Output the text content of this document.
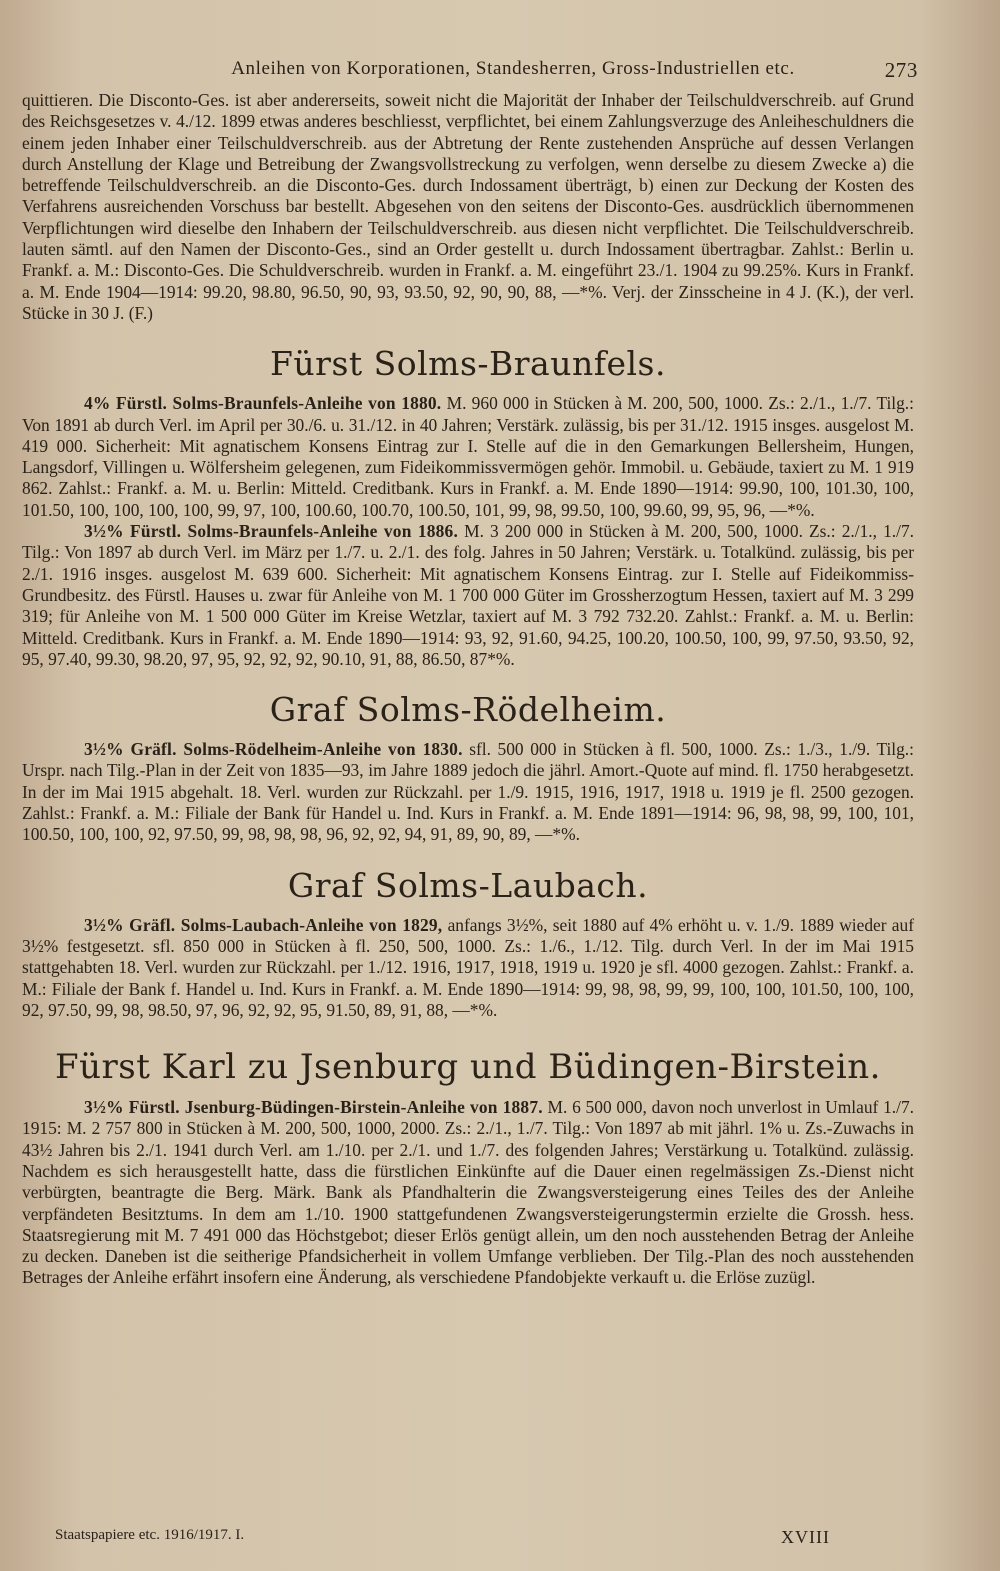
Anleihen von Korporationen, Standesherren, Gross-Industriellen etc.	273

quittieren. Die Disconto-Ges. ist aber andererseits, soweit nicht die Majorität der Inhaber der Teilschuldverschreib. auf Grund des Reichsgesetzes v. 4./12. 1899 etwas anderes beschliesst, verpflichtet, bei einem Zahlungsverzuge des Anleiheschuldners die einem jeden Inhaber einer Teilschuldverschreib. aus der Abtretung der Rente zustehenden Ansprüche auf dessen Verlangen durch Anstellung der Klage und Betreibung der Zwangsvollstreckung zu verfolgen, wenn derselbe zu diesem Zwecke a) die betreffende Teilschuldverschreib. an die Disconto-Ges. durch Indossament überträgt, b) einen zur Deckung der Kosten des Verfahrens ausreichenden Vorschuss bar bestellt. Abgesehen von den seitens der Disconto-Ges. ausdrücklich übernommenen Verpflichtungen wird dieselbe den Inhabern der Teilschuldverschreib. aus diesen nicht verpflichtet. Die Teilschuldverschreib. lauten sämtl. auf den Namen der Disconto-Ges., sind an Order gestellt u. durch Indossament übertragbar. Zahlst.: Berlin u. Frankf. a. M.: Disconto-Ges. Die Schuldverschreib. wurden in Frankf. a. M. eingeführt 23./1. 1904 zu 99.25%. Kurs in Frankf. a. M. Ende 1904—1914: 99.20, 98.80, 96.50, 90, 93, 93.50, 92, 90, 90, 88, —*%. Verj. der Zinsscheine in 4 J. (K.), der verl. Stücke in 30 J. (F.)

Fürst Solms-Braunfels.

4% Fürstl. Solms-Braunfels-Anleihe von 1880. M. 960 000 in Stücken à M. 200, 500, 1000. Zs.: 2./1., 1./7. Tilg.: Von 1891 ab durch Verl. im April per 30./6. u. 31./12. in 40 Jahren; Verstärk. zulässig, bis per 31./12. 1915 insges. ausgelost M. 419 000. Sicherheit: Mit agnatischem Konsens Eintrag zur I. Stelle auf die in den Gemarkungen Bellersheim, Hungen, Langsdorf, Villingen u. Wölfersheim gelegenen, zum Fideikommissvermögen gehör. Immobil. u. Gebäude, taxiert zu M. 1 919 862. Zahlst.: Frankf. a. M. u. Berlin: Mitteld. Creditbank. Kurs in Frankf. a. M. Ende 1890—1914: 99.90, 100, 101.30, 100, 101.50, 100, 100, 100, 100, 99, 97, 100, 100.60, 100.70, 100.50, 101, 99, 98, 99.50, 100, 99.60, 99, 95, 96, —*%.

3½% Fürstl. Solms-Braunfels-Anleihe von 1886. M. 3 200 000 in Stücken à M. 200, 500, 1000. Zs.: 2./1., 1./7. Tilg.: Von 1897 ab durch Verl. im März per 1./7. u. 2./1. des folg. Jahres in 50 Jahren; Verstärk. u. Totalkünd. zulässig, bis per 2./1. 1916 insges. ausgelost M. 639 600. Sicherheit: Mit agnatischem Konsens Eintrag. zur I. Stelle auf Fideikommiss-Grundbesitz. des Fürstl. Hauses u. zwar für Anleihe von M. 1 700 000 Güter im Grossherzogtum Hessen, taxiert auf M. 3 299 319; für Anleihe von M. 1 500 000 Güter im Kreise Wetzlar, taxiert auf M. 3 792 732.20. Zahlst.: Frankf. a. M. u. Berlin: Mitteld. Creditbank. Kurs in Frankf. a. M. Ende 1890—1914: 93, 92, 91.60, 94.25, 100.20, 100.50, 100, 99, 97.50, 93.50, 92, 95, 97.40, 99.30, 98.20, 97, 95, 92, 92, 92, 90.10, 91, 88, 86.50, 87*%.

Graf Solms-Rödelheim.

3½% Gräfl. Solms-Rödelheim-Anleihe von 1830. sfl. 500 000 in Stücken à fl. 500, 1000. Zs.: 1./3., 1./9. Tilg.: Urspr. nach Tilg.-Plan in der Zeit von 1835—93, im Jahre 1889 jedoch die jährl. Amort.-Quote auf mind. fl. 1750 herabgesetzt. In der im Mai 1915 abgehalt. 18. Verl. wurden zur Rückzahl. per 1./9. 1915, 1916, 1917, 1918 u. 1919 je fl. 2500 gezogen. Zahlst.: Frankf. a. M.: Filiale der Bank für Handel u. Ind. Kurs in Frankf. a. M. Ende 1891—1914: 96, 98, 98, 99, 100, 101, 100.50, 100, 100, 92, 97.50, 99, 98, 98, 98, 96, 92, 92, 94, 91, 89, 90, 89, —*%.

Graf Solms-Laubach.

3½% Gräfl. Solms-Laubach-Anleihe von 1829, anfangs 3½%, seit 1880 auf 4% erhöht u. v. 1./9. 1889 wieder auf 3½% festgesetzt. sfl. 850 000 in Stücken à fl. 250, 500, 1000. Zs.: 1./6., 1./12. Tilg. durch Verl. In der im Mai 1915 stattgehabten 18. Verl. wurden zur Rückzahl. per 1./12. 1916, 1917, 1918, 1919 u. 1920 je sfl. 4000 gezogen. Zahlst.: Frankf. a. M.: Filiale der Bank f. Handel u. Ind. Kurs in Frankf. a. M. Ende 1890—1914: 99, 98, 98, 99, 99, 100, 100, 101.50, 100, 100, 92, 97.50, 99, 98, 98.50, 97, 96, 92, 92, 95, 91.50, 89, 91, 88, —*%.

Fürst Karl zu Jsenburg und Büdingen-Birstein.

3½% Fürstl. Jsenburg-Büdingen-Birstein-Anleihe von 1887. M. 6 500 000, davon noch unverlost in Umlauf 1./7. 1915: M. 2 757 800 in Stücken à M. 200, 500, 1000, 2000. Zs.: 2./1., 1./7. Tilg.: Von 1897 ab mit jährl. 1% u. Zs.-Zuwachs in 43½ Jahren bis 2./1. 1941 durch Verl. am 1./10. per 2./1. und 1./7. des folgenden Jahres; Verstärkung u. Totalkünd. zulässig. Nachdem es sich herausgestellt hatte, dass die fürstlichen Einkünfte auf die Dauer einen regelmässigen Zs.-Dienst nicht verbürgten, beantragte die Berg. Märk. Bank als Pfandhalterin die Zwangsversteigerung eines Teiles des der Anleihe verpfändeten Besitztums. In dem am 1./10. 1900 stattgefundenen Zwangsversteigerungstermin erzielte die Grossh. hess. Staatsregierung mit M. 7 491 000 das Höchstgebot; dieser Erlös genügt allein, um den noch ausstehenden Betrag der Anleihe zu decken. Daneben ist die seitherige Pfandsicherheit in vollem Umfange verblieben. Der Tilg.-Plan des noch ausstehenden Betrages der Anleihe erfährt insofern eine Änderung, als verschiedene Pfandobjekte verkauft u. die Erlöse zuzügl.

Staatspapiere etc. 1916/1917. I.	XVIII
